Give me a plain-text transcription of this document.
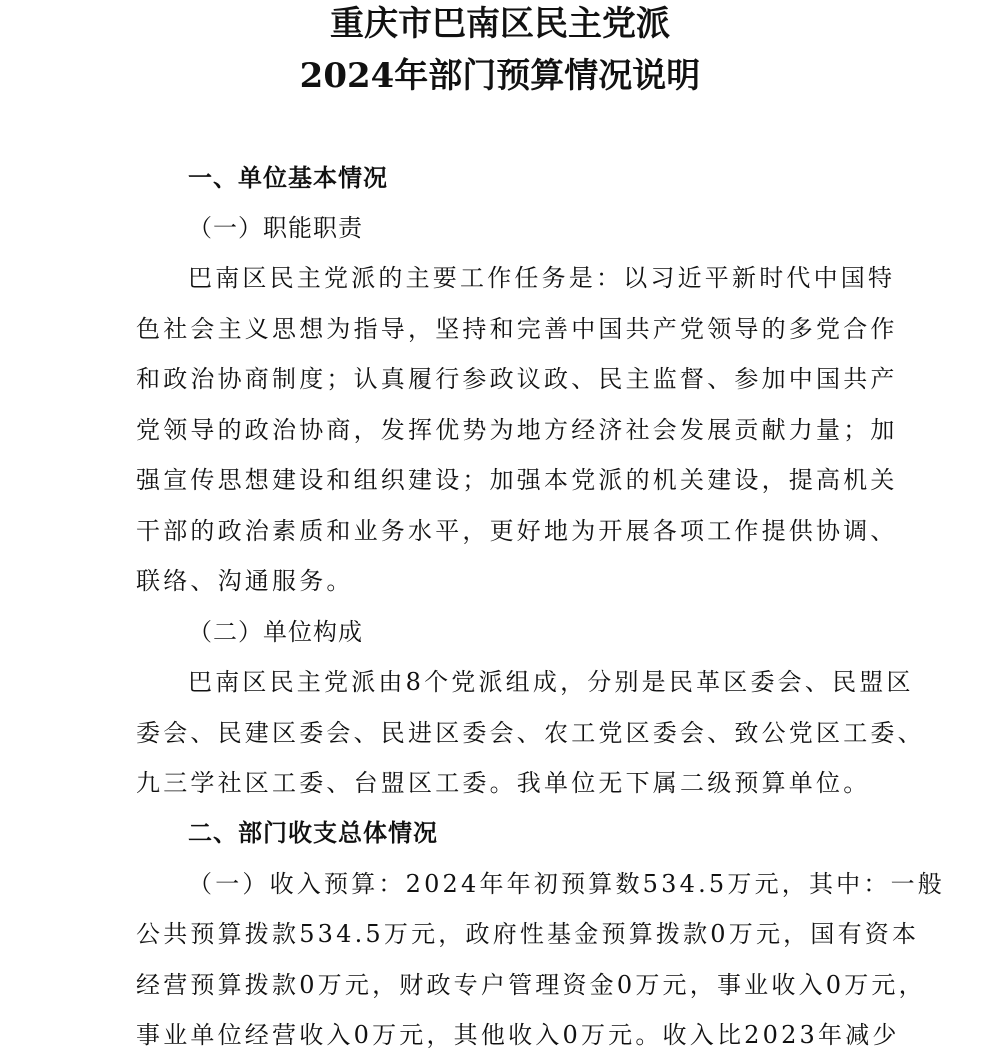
重庆市巴南区民主党派
2024年部门预算情况说明
一、单位基本情况
（一）职能职责
巴南区民主党派的主要工作任务是：以习近平新时代中国特
色社会主义思想为指导，坚持和完善中国共产党领导的多党合作
和政治协商制度；认真履行参政议政、民主监督、参加中国共产
党领导的政治协商，发挥优势为地方经济社会发展贡献力量；加
强宣传思想建设和组织建设；加强本党派的机关建设，提高机关
干部的政治素质和业务水平，更好地为开展各项工作提供协调、
联络、沟通服务。
（二）单位构成
巴南区民主党派由8个党派组成，分别是民革区委会、民盟区
委会、民建区委会、民进区委会、农工党区委会、致公党区工委、
九三学社区工委、台盟区工委。我单位无下属二级预算单位。
二、部门收支总体情况
（一）收入预算：2024年年初预算数534.5万元，其中：一般
公共预算拨款534.5万元，政府性基金预算拨款0万元，国有资本
经营预算拨款0万元，财政专户管理资金0万元，事业收入0万元，
事业单位经营收入0万元，其他收入0万元。收入比2023年减少
